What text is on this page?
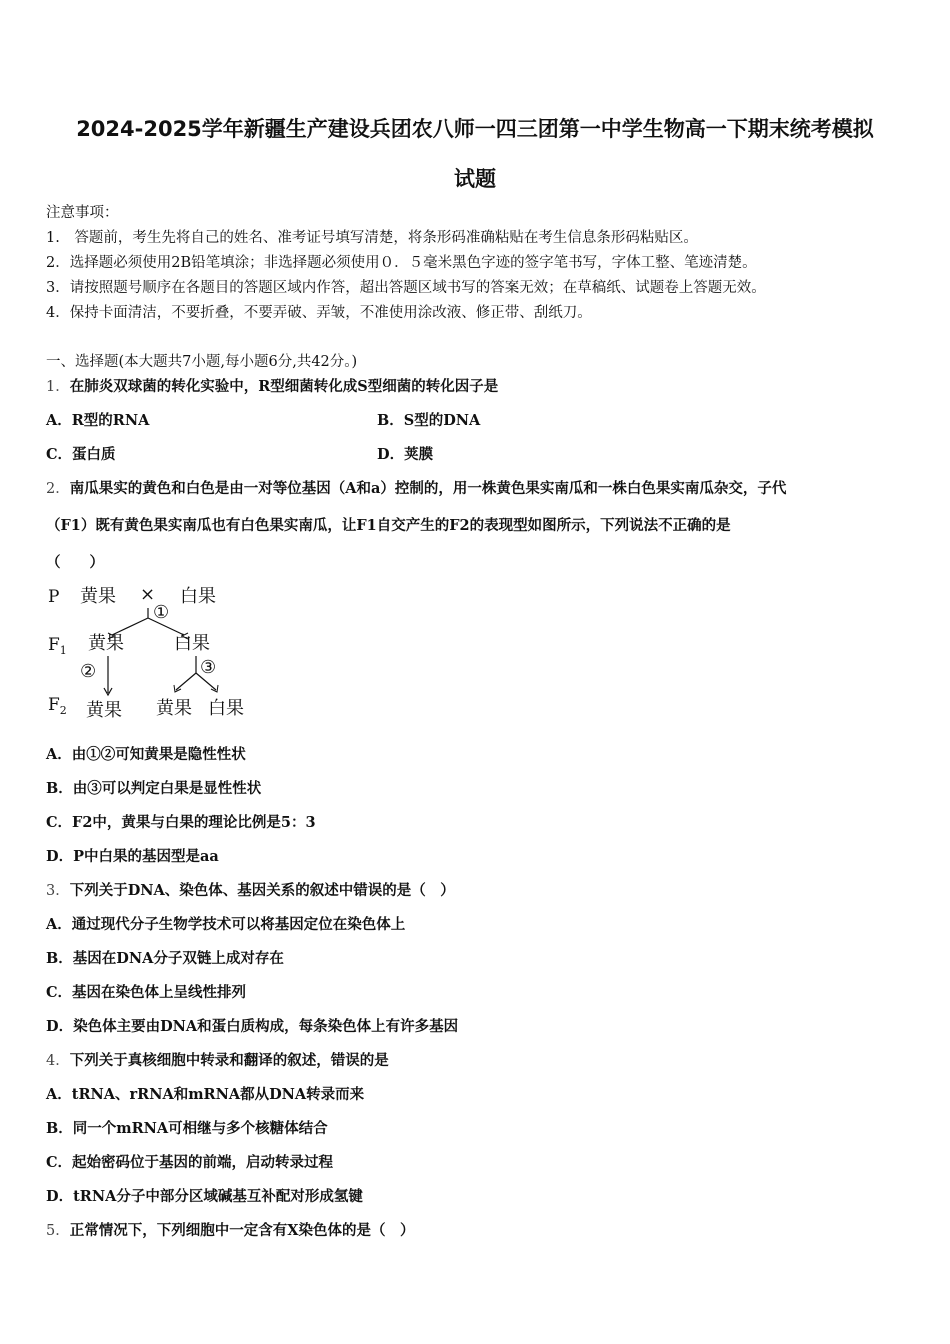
2024-2025学年新疆生产建设兵团农八师一四三团第一中学生物高一下期末统考模拟
试题
注意事项：
1.　答题前，考生先将自己的姓名、准考证号填写清楚，将条形码准确粘贴在考生信息条形码粘贴区。
2．选择题必须使用2B铅笔填涂；非选择题必须使用０．５毫米黑色字迹的签字笔书写，字体工整、笔迹清楚。
3．请按照题号顺序在各题目的答题区域内作答，超出答题区域书写的答案无效；在草稿纸、试题卷上答题无效。
4．保持卡面清洁，不要折叠，不要弄破、弄皱，不准使用涂改液、修正带、刮纸刀。
一、选择题(本大题共7小题,每小题6分,共42分。)
1．在肺炎双球菌的转化实验中，R型细菌转化成S型细菌的转化因子是
A．R型的RNA	B．S型的DNA
C．蛋白质	D．荚膜
2．南瓜果实的黄色和白色是由一对等位基因（A和a）控制的，用一株黄色果实南瓜和一株白色果实南瓜杂交，子代
（F1）既有黄色果实南瓜也有白色果实南瓜，让F1自交产生的F2的表现型如图所示，下列说法不正确的是
（　　）
P
$F_1$
$F_2$
黄果 × 白果
①
黄果	白果
②	③
黄果 黄果 白果
A．由①②可知黄果是隐性性状
B．由③可以判定白果是显性性状
C．F2中，黄果与白果的理论比例是5：3
D．P中白果的基因型是aa
3．下列关于DNA、染色体、基因关系的叙述中错误的是（　）
A．通过现代分子生物学技术可以将基因定位在染色体上
B．基因在DNA分子双链上成对存在
C．基因在染色体上呈线性排列
D．染色体主要由DNA和蛋白质构成，每条染色体上有许多基因
4．下列关于真核细胞中转录和翻译的叙述，错误的是
A．tRNA、rRNA和mRNA都从DNA转录而来
B．同一个mRNA可相继与多个核糖体结合
C．起始密码位于基因的前端，启动转录过程
D．tRNA分子中部分区域碱基互补配对形成氢键
5．正常情况下，下列细胞中一定含有X染色体的是（　）
